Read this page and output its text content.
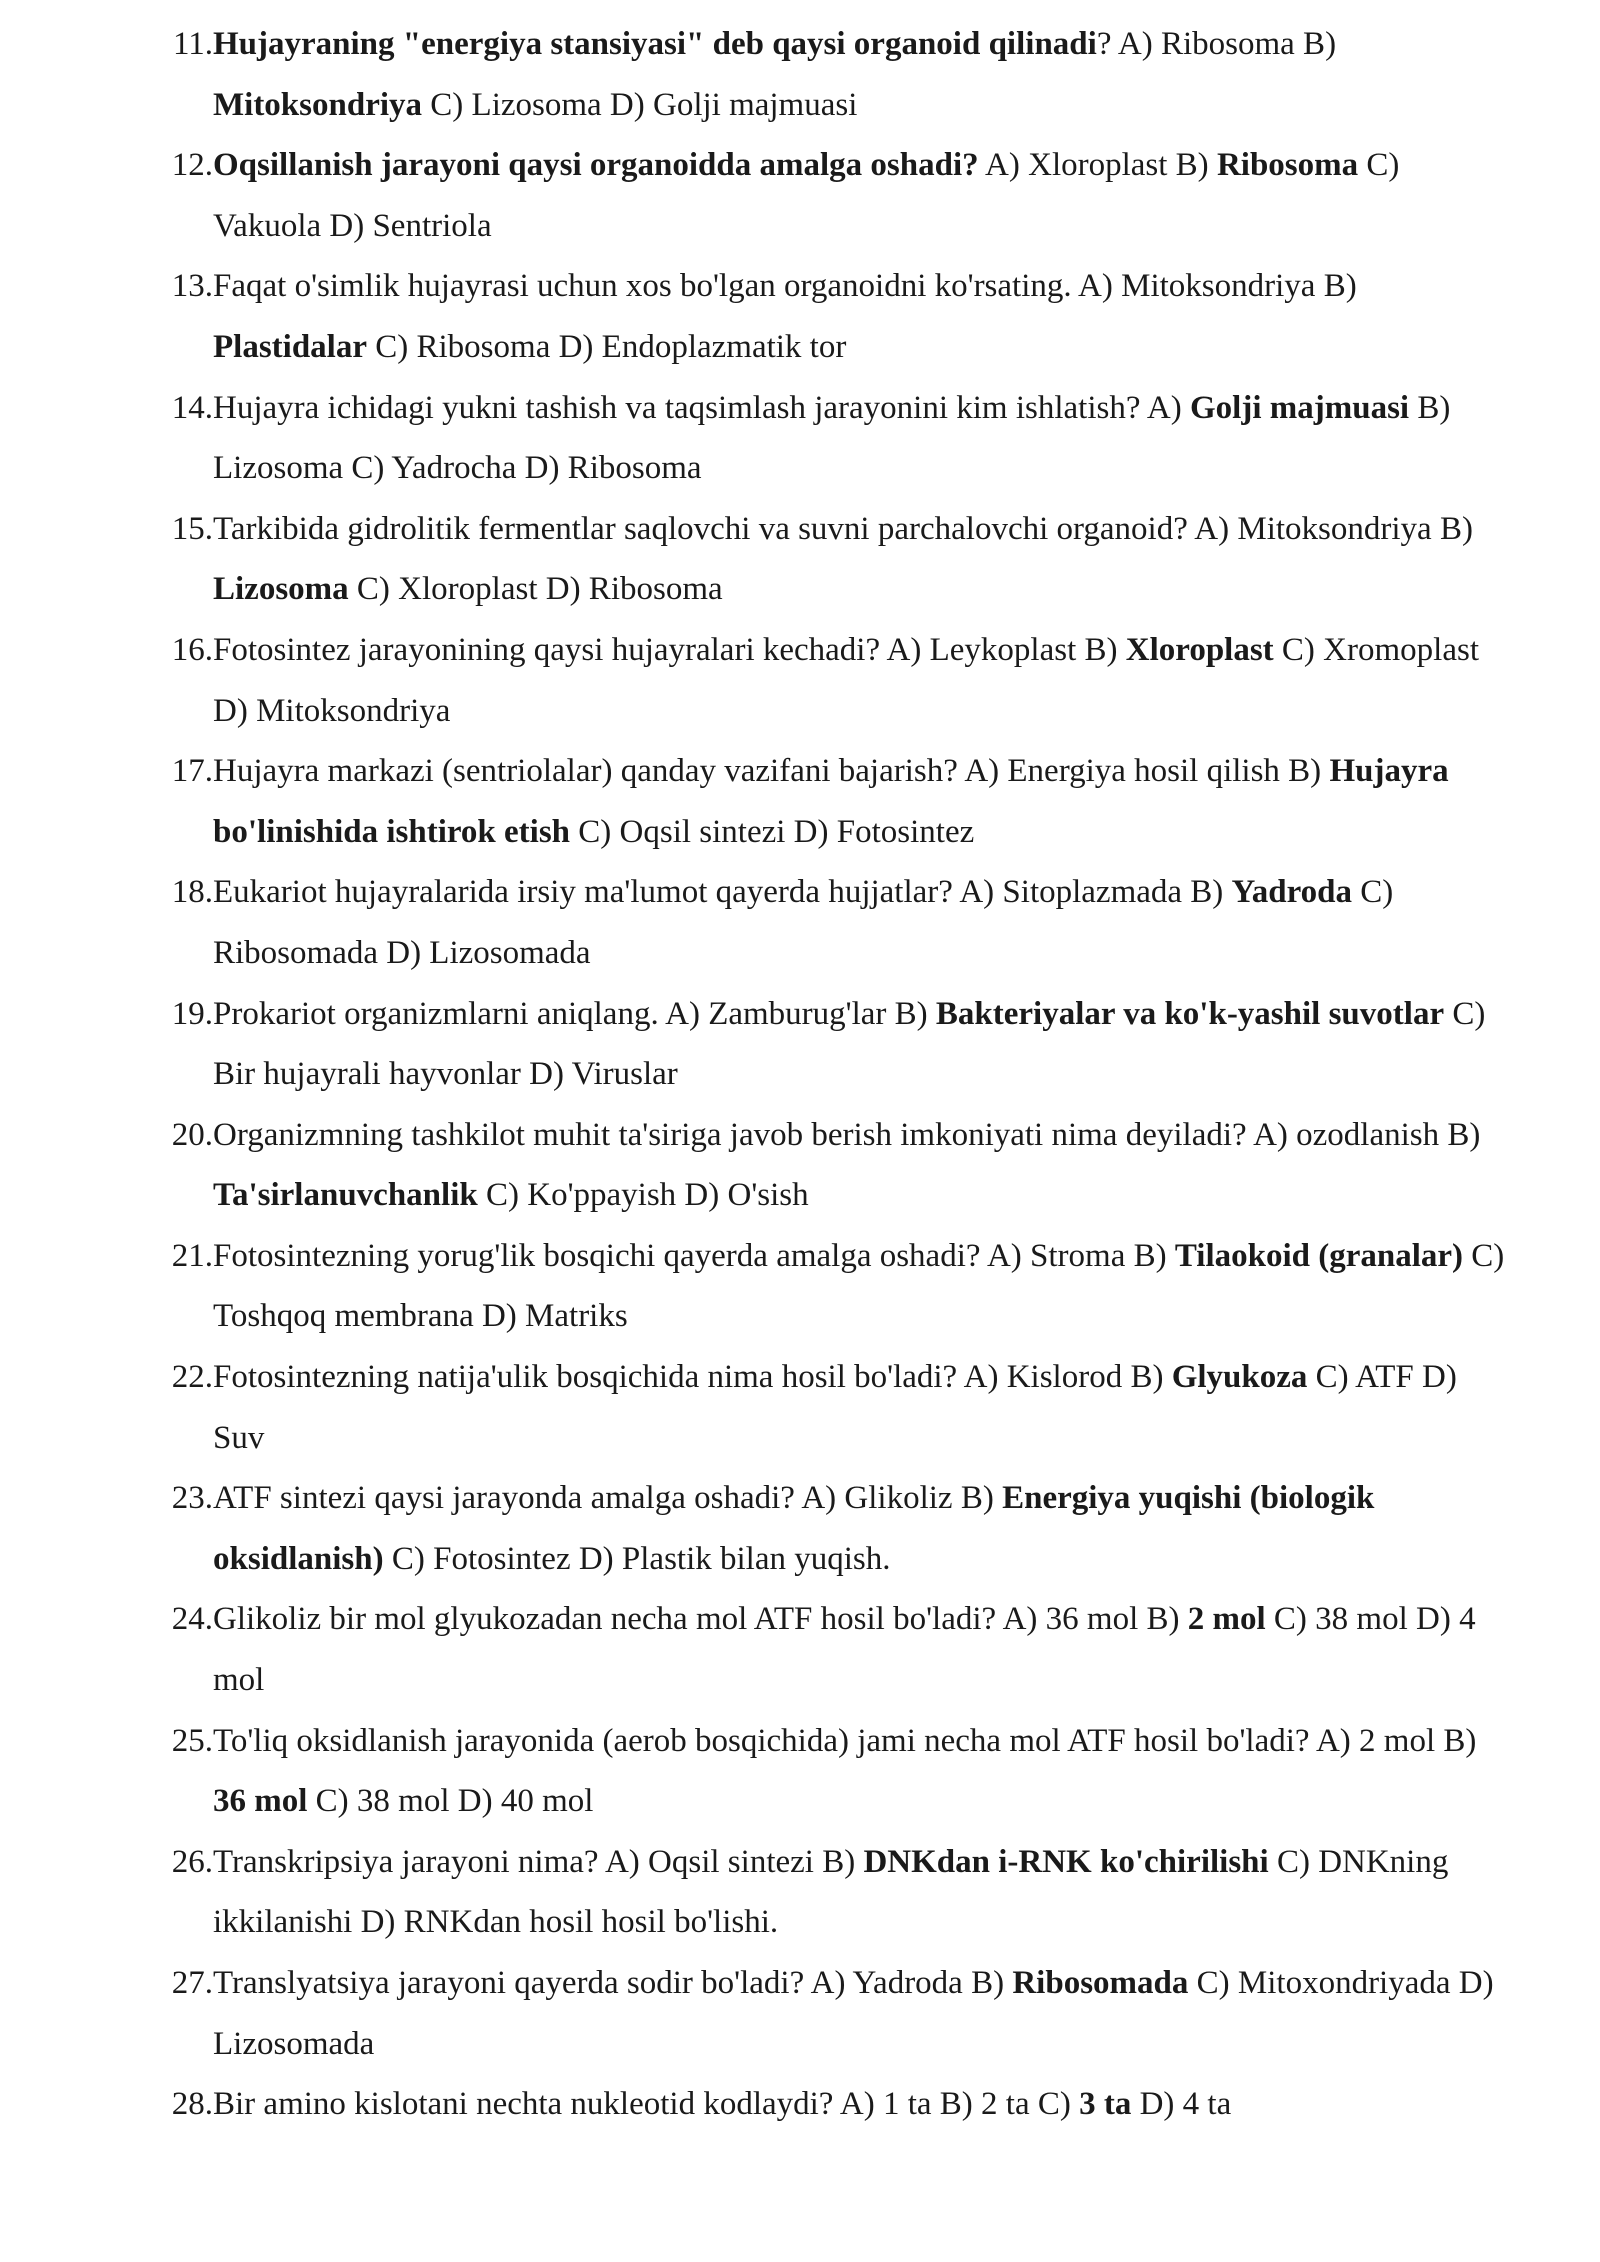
11. Hujayraning "energiya stansiyasi" deb qaysi organoid qilinadi? A) Ribosoma B) Mitoksondriya C) Lizosoma D) Golji majmuasi
12. Oqsillanish jarayoni qaysi organoidda amalga oshadi? A) Xloroplast B) Ribosoma C) Vakuola D) Sentriola
13. Faqat o'simlik hujayrasi uchun xos bo'lgan organoidni ko'rsating. A) Mitoksondriya B) Plastidalar C) Ribosoma D) Endoplazmatik tor
14. Hujayra ichidagi yukni tashish va taqsimlash jarayonini kim ishlatish? A) Golji majmuasi B) Lizosoma C) Yadrocha D) Ribosoma
15. Tarkibida gidrolitik fermentlar saqlovchi va suvni parchalovchi organoid? A) Mitoksondriya B) Lizosoma C) Xloroplast D) Ribosoma
16. Fotosintez jarayonining qaysi hujayralari kechadi? A) Leykoplast B) Xloroplast C) Xromoplast D) Mitoksondriya
17. Hujayra markazi (sentriolalar) qanday vazifani bajarish? A) Energiya hosil qilish B) Hujayra bo'linishida ishtirok etish C) Oqsil sintezi D) Fotosintez
18. Eukariot hujayralarida irsiy ma'lumot qayerda hujjatlar? A) Sitoplazmada B) Yadroda C) Ribosomada D) Lizosomada
19. Prokariot organizmlarni aniqlang. A) Zamburug'lar B) Bakteriyalar va ko'k-yashil suvotlar C) Bir hujayrali hayvonlar D) Viruslar
20. Organizmning tashkilot muhit ta'siriga javob berish imkoniyati nima deyiladi? A) ozodlanish B) Ta'sirlanuvchanlik C) Ko'ppayish D) O'sish
21. Fotosintezning yorug'lik bosqichi qayerda amalga oshadi? A) Stroma B) Tilaokoid (granalar) C) Toshqoq membrana D) Matriks
22. Fotosintezning natija'ulik bosqichida nima hosil bo'ladi? A) Kislorod B) Glyukoza C) ATF D) Suv
23. ATF sintezi qaysi jarayonda amalga oshadi? A) Glikoliz B) Energiya yuqishi (biologik oksidlanish) C) Fotosintez D) Plastik bilan yuqish.
24. Glikoliz bir mol glyukozadan necha mol ATF hosil bo'ladi? A) 36 mol B) 2 mol C) 38 mol D) 4 mol
25. To'liq oksidlanish jarayonida (aerob bosqichida) jami necha mol ATF hosil bo'ladi? A) 2 mol B) 36 mol C) 38 mol D) 40 mol
26. Transkripsiya jarayoni nima? A) Oqsil sintezi B) DNKdan i-RNK ko'chirilishi C) DNKning ikkilanishi D) RNKdan hosil hosil bo'lishi.
27. Translyatsiya jarayoni qayerda sodir bo'ladi? A) Yadroda B) Ribosomada C) Mitoxondriyada D) Lizosomada
28. Bir amino kislotani nechta nukleotid kodlaydi? A) 1 ta B) 2 ta C) 3 ta D) 4 ta
